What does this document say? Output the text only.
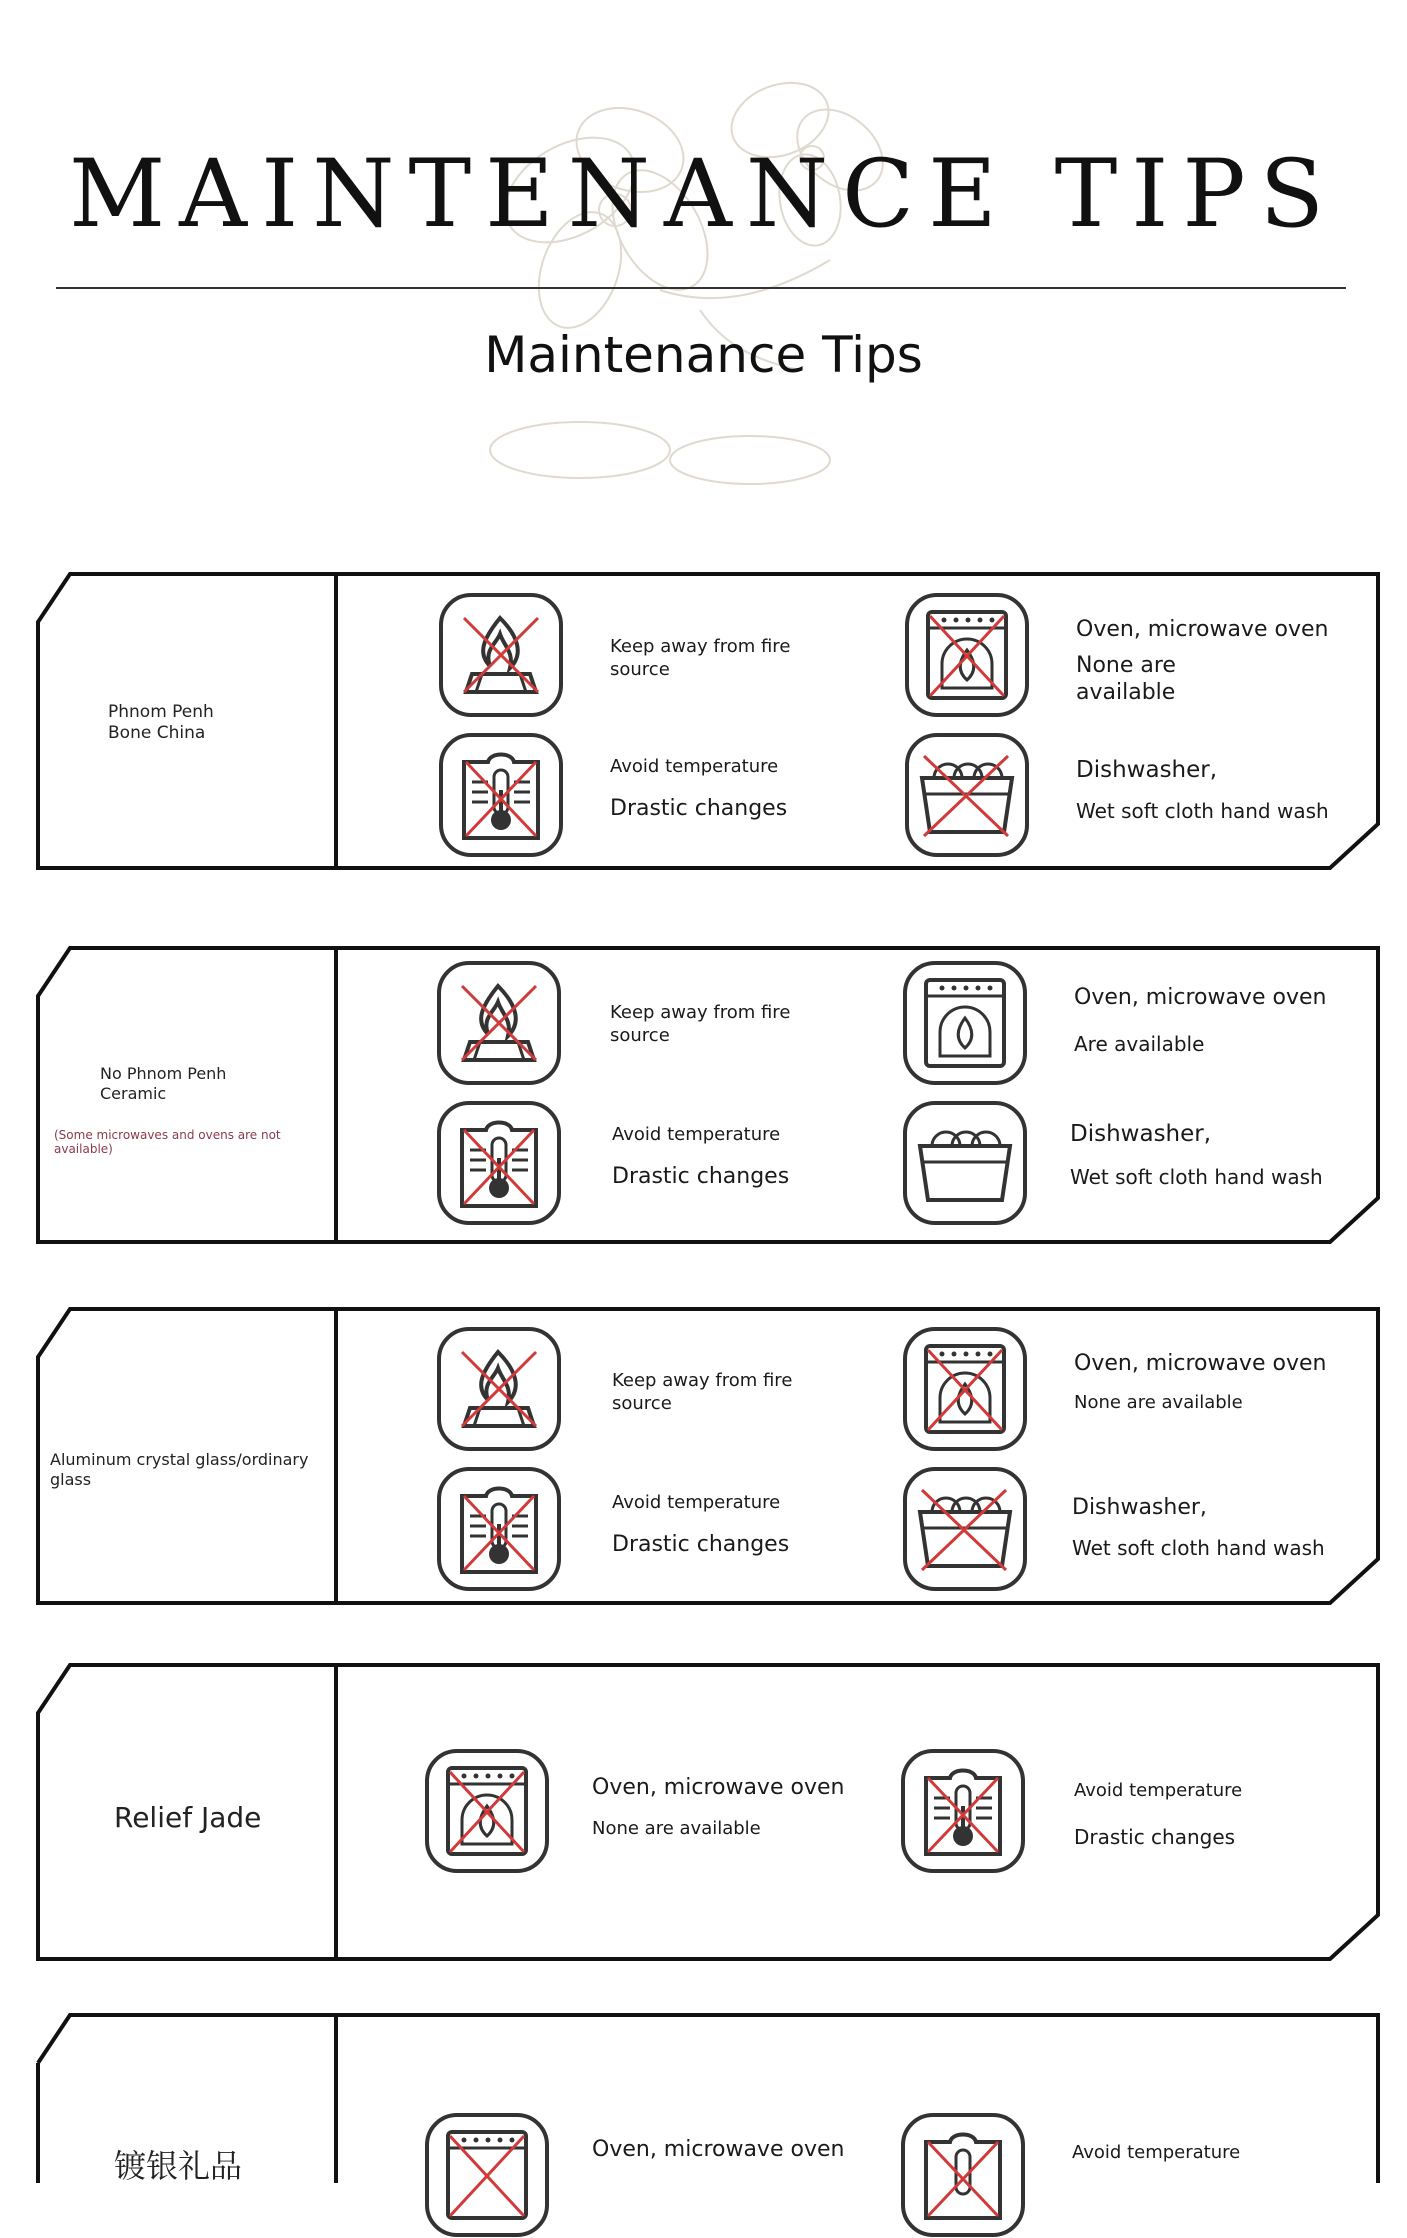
MAINTENANCE TIPS
Maintenance Tips
Phnom Penh
Bone China
Keep away from fire
source
Oven, microwave oven
None are
available
Avoid temperature
Drastic changes
Dishwasher,
Wet soft cloth hand wash
No Phnom Penh
Ceramic
(Some microwaves and ovens are not available)
Keep away from fire
source
Oven, microwave oven
Are available
Avoid temperature
Drastic changes
Dishwasher,
Wet soft cloth hand wash
Aluminum crystal glass/ordinary
glass
Keep away from fire
source
Oven, microwave oven
None are available
Avoid temperature
Drastic changes
Dishwasher,
Wet soft cloth hand wash
Relief Jade
Oven, microwave oven
None are available
Avoid temperature
Drastic changes
镀银礼品	Oven, microwave oven	Avoid temperature
